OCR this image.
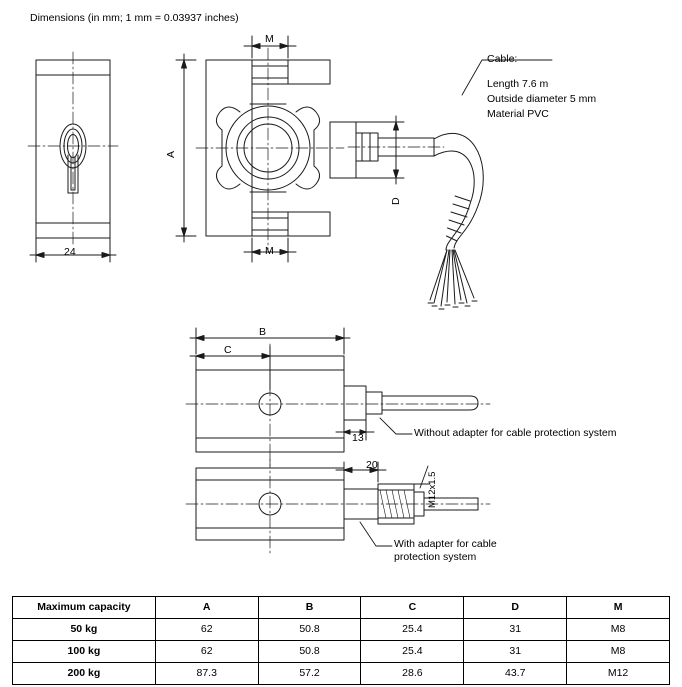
Dimensions (in mm; 1 mm = 0.03937 inches)
24
A
M
M
D
Cable:
Length 7.6 m
Outside diameter 5 mm
Material PVC
B
C
13
20
M12x1.5
Without adapter for cable protection system
With adapter for cable
protection system
Maximum capacity	A	B	C	D	M
50 kg	62	50.8	25.4	31	M8
100 kg	62	50.8	25.4	31	M8
200 kg	87.3	57.2	28.6	43.7	M12
